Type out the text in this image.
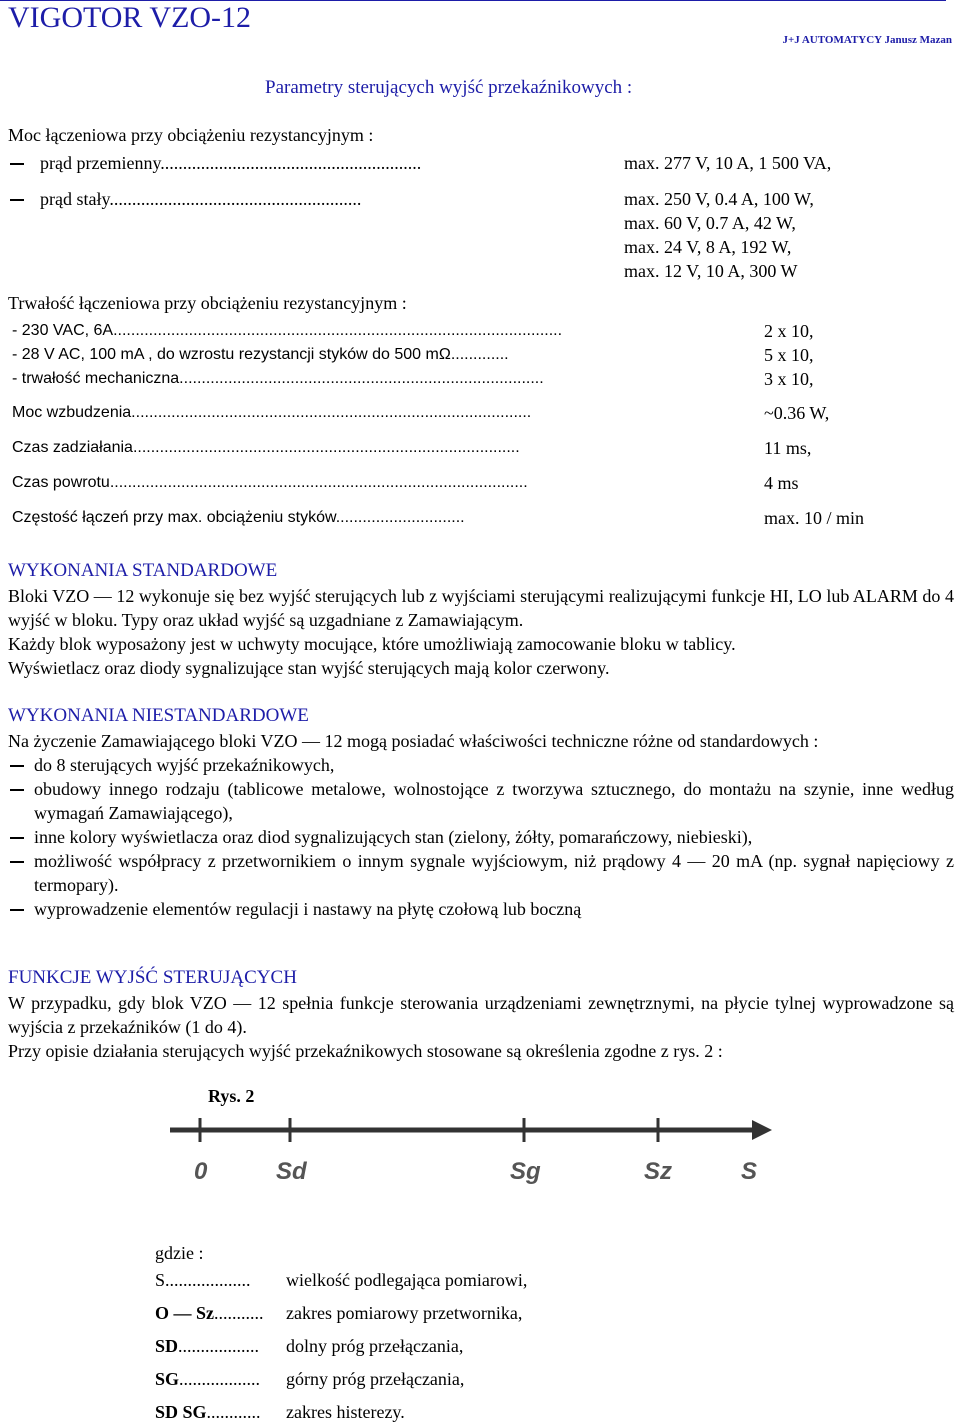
VIGOTOR VZO-12
J+J AUTOMATYCY Janusz Mazan
Parametry sterujących wyjść przekaźnikowych :
Moc łączeniowa przy obciążeniu rezystancyjnym :
prąd przemienny..........................................................	max. 277 V, 10 A, 1 500 VA,
prąd stały........................................................	max. 250 V, 0.4 A, 100 W,
max. 60 V, 0.7 A, 42 W,
max. 24 V, 8 A, 192 W,
max. 12 V, 10 A, 300 W
Trwałość łączeniowa przy obciążeniu rezystancyjnym :
- 230 VAC, 6A.....................................................................................................	2 x 10,
- 28 V AC, 100 mA , do wzrostu rezystancji styków do 500 mΩ.............	5 x 10,
- trwałość mechaniczna..................................................................................	3 x 10,
Moc wzbudzenia..........................................................................................	~0.36 W,
Czas zadziałania.......................................................................................	11 ms,
Czas powrotu..............................................................................................	4 ms
Częstość łączeń przy max. obciążeniu styków.............................	max. 10 / min
WYKONANIA STANDARDOWE
Bloki VZO — 12 wykonuje się bez wyjść sterujących lub z wyjściami sterującymi realizującymi funkcje HI, LO lub ALARM do 4 wyjść w bloku. Typy oraz układ wyjść są uzgadniane z Zamawiającym.
Każdy blok wyposażony jest w uchwyty mocujące, które umożliwiają zamocowanie bloku w tablicy.
Wyświetlacz oraz diody sygnalizujące stan wyjść sterujących mają kolor czerwony.
WYKONANIA NIESTANDARDOWE
Na życzenie Zamawiającego bloki VZO — 12 mogą posiadać właściwości techniczne różne od standardowych :
do 8 sterujących wyjść przekaźnikowych,
obudowy innego rodzaju (tablicowe metalowe, wolnostojące z tworzywa sztucznego, do montażu na szynie, inne według wymagań Zamawiającego),
inne kolory wyświetlacza oraz diod sygnalizujących stan (zielony, żółty, pomarańczowy, niebieski),
możliwość współpracy z przetwornikiem o innym sygnale wyjściowym, niż prądowy 4 — 20 mA (np. sygnał napięciowy z termopary).
wyprowadzenie elementów regulacji i nastawy na płytę czołową lub boczną
FUNKCJE WYJŚĆ STERUJĄCYCH
W przypadku, gdy blok VZO — 12 spełnia funkcje sterowania urządzeniami zewnętrznymi, na płycie tylnej wyprowadzone są wyjścia z przekaźników (1 do 4).
Przy opisie działania sterujących wyjść przekaźnikowych stosowane są określenia zgodne z rys. 2 :
Rys. 2
0	Sd	Sg	Sz	S
gdzie :
S................... wielkość podlegająca pomiarowi,
O — Sz........... zakres pomiarowy przetwornika,
SD.................. dolny próg przełączania,
SG.................. górny próg przełączania,
SD SG............ zakres histerezy.
